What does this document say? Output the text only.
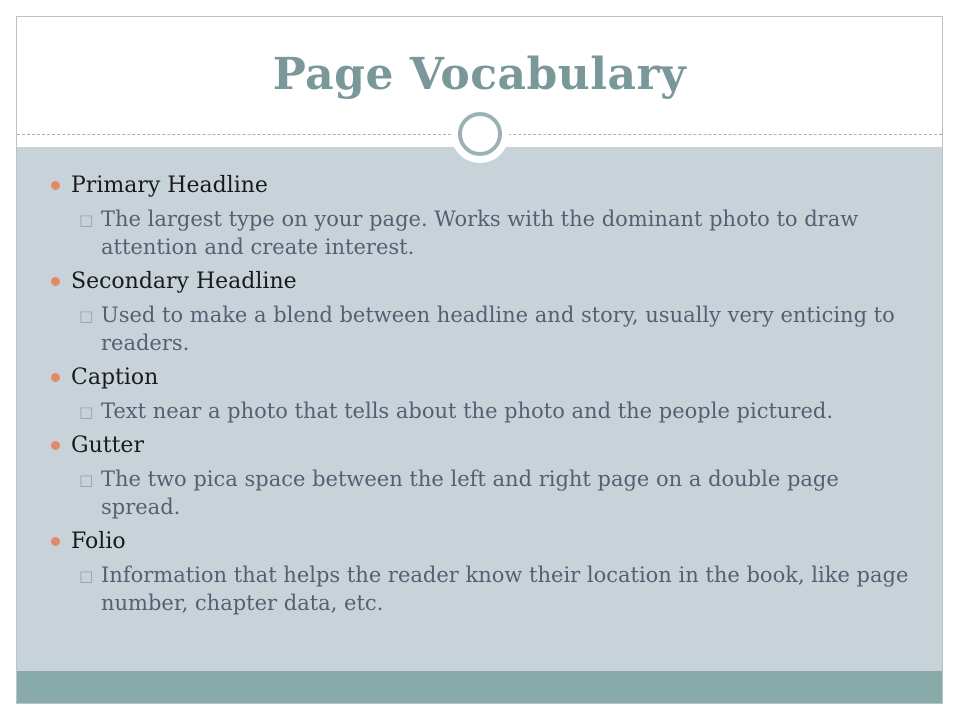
Page Vocabulary
Primary Headline
□ The largest type on your page. Works with the dominant photo to draw attention and create interest.
Secondary Headline
□ Used to make a blend between headline and story, usually very enticing to readers.
Caption
□ Text near a photo that tells about the photo and the people pictured.
Gutter
□ The two pica space between the left and right page on a double page spread.
Folio
□ Information that helps the reader know their location in the book, like page number, chapter data, etc.
